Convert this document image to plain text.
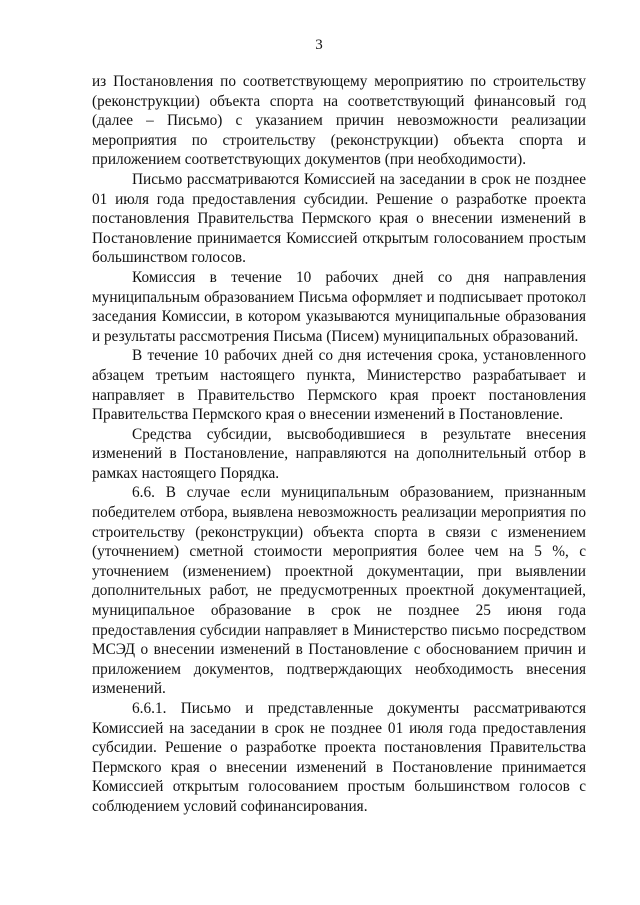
3

из Постановления по соответствующему мероприятию по строительству (реконструкции) объекта спорта на соответствующий финансовый год (далее – Письмо) с указанием причин невозможности реализации мероприятия по строительству (реконструкции) объекта спорта и приложением соответствующих документов (при необходимости).

Письмо рассматриваются Комиссией на заседании в срок не позднее 01 июля года предоставления субсидии. Решение о разработке проекта постановления Правительства Пермского края о внесении изменений в Постановление принимается Комиссией открытым голосованием простым большинством голосов.

Комиссия в течение 10 рабочих дней со дня направления муниципальным образованием Письма оформляет и подписывает протокол заседания Комиссии, в котором указываются муниципальные образования и результаты рассмотрения Письма (Писем) муниципальных образований.

В течение 10 рабочих дней со дня истечения срока, установленного абзацем третьим настоящего пункта, Министерство разрабатывает и направляет в Правительство Пермского края проект постановления Правительства Пермского края о внесении изменений в Постановление.

Средства субсидии, высвободившиеся в результате внесения изменений в Постановление, направляются на дополнительный отбор в рамках настоящего Порядка.

6.6. В случае если муниципальным образованием, признанным победителем отбора, выявлена невозможность реализации мероприятия по строительству (реконструкции) объекта спорта в связи с изменением (уточнением) сметной стоимости мероприятия более чем на 5 %, с уточнением (изменением) проектной документации, при выявлении дополнительных работ, не предусмотренных проектной документацией, муниципальное образование в срок не позднее 25 июня года предоставления субсидии направляет в Министерство письмо посредством МСЭД о внесении изменений в Постановление с обоснованием причин и приложением документов, подтверждающих необходимость внесения изменений.

6.6.1. Письмо и представленные документы рассматриваются Комиссией на заседании в срок не позднее 01 июля года предоставления субсидии. Решение о разработке проекта постановления Правительства Пермского края о внесении изменений в Постановление принимается Комиссией открытым голосованием простым большинством голосов с соблюдением условий софинансирования.
